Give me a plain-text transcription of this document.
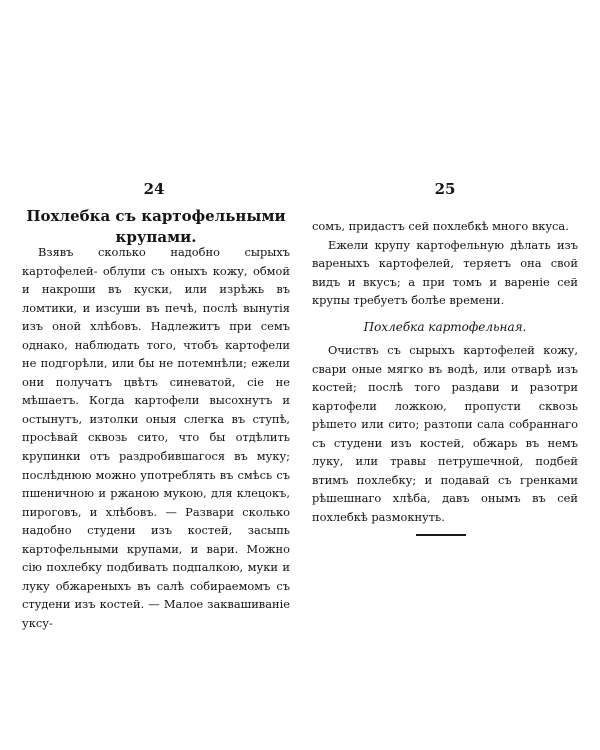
24
Похлебка съ картофельными крупами.

Взявъ сколько надобно сырыхъ картофелей- облупи съ оныхъ кожу, обмой и накроши въ куски, или изрѣжь въ ломтики, и изсуши въ печѣ, послѣ вынутія изъ оной хлѣбовъ. Надлежитъ при семъ однако, наблюдать того, чтобъ картофели не подгорѣли, или бы не потемнѣли; ежели они получатъ цвѣтъ синеватой, сіе не мѣшаетъ. Когда картофели высохнутъ и остынутъ, изтолки оныя слегка въ ступѣ, просѣвай сквозь сито, что бы отдѣлить крупинки отъ раздробившагося въ муку; послѣднюю можно употреблять въ смѣсь съ пшеничною и ржаною мукою, для клецокъ, пироговъ, и хлѣбовъ. — Развари сколько надобно студени изъ костей, засыпь картофельными крупами, и вари. Можно сію похлебку подбивать подпалкою, муки и луку обжареныхъ въ салѣ собираемомъ съ студени изъ костей. — Малое заквашиваніе уксу-

25
сомъ, придастъ сей похлебкѣ много вкуса.
Ежели крупу картофельную дѣлать изъ вареныхъ картофелей, теряетъ она свой видъ и вкусъ; а при томъ и вареніе сей крупы требуетъ болѣе времени.
Похлебка картофельная.

Очиствъ съ сырыхъ картофелей кожу, свари оные мягко въ водѣ, или отварѣ изъ костей; послѣ того раздави и разотри картофели ложкою, пропусти сквозь рѣшето или сито; разтопи сала собраннаго съ студени изъ костей, обжарь въ немъ луку, или травы петрушечной, подбей втимъ похлебку; и подавай съ гренками рѣшешнаго хлѣба, давъ онымъ въ сей похлебкѣ размокнуть.
